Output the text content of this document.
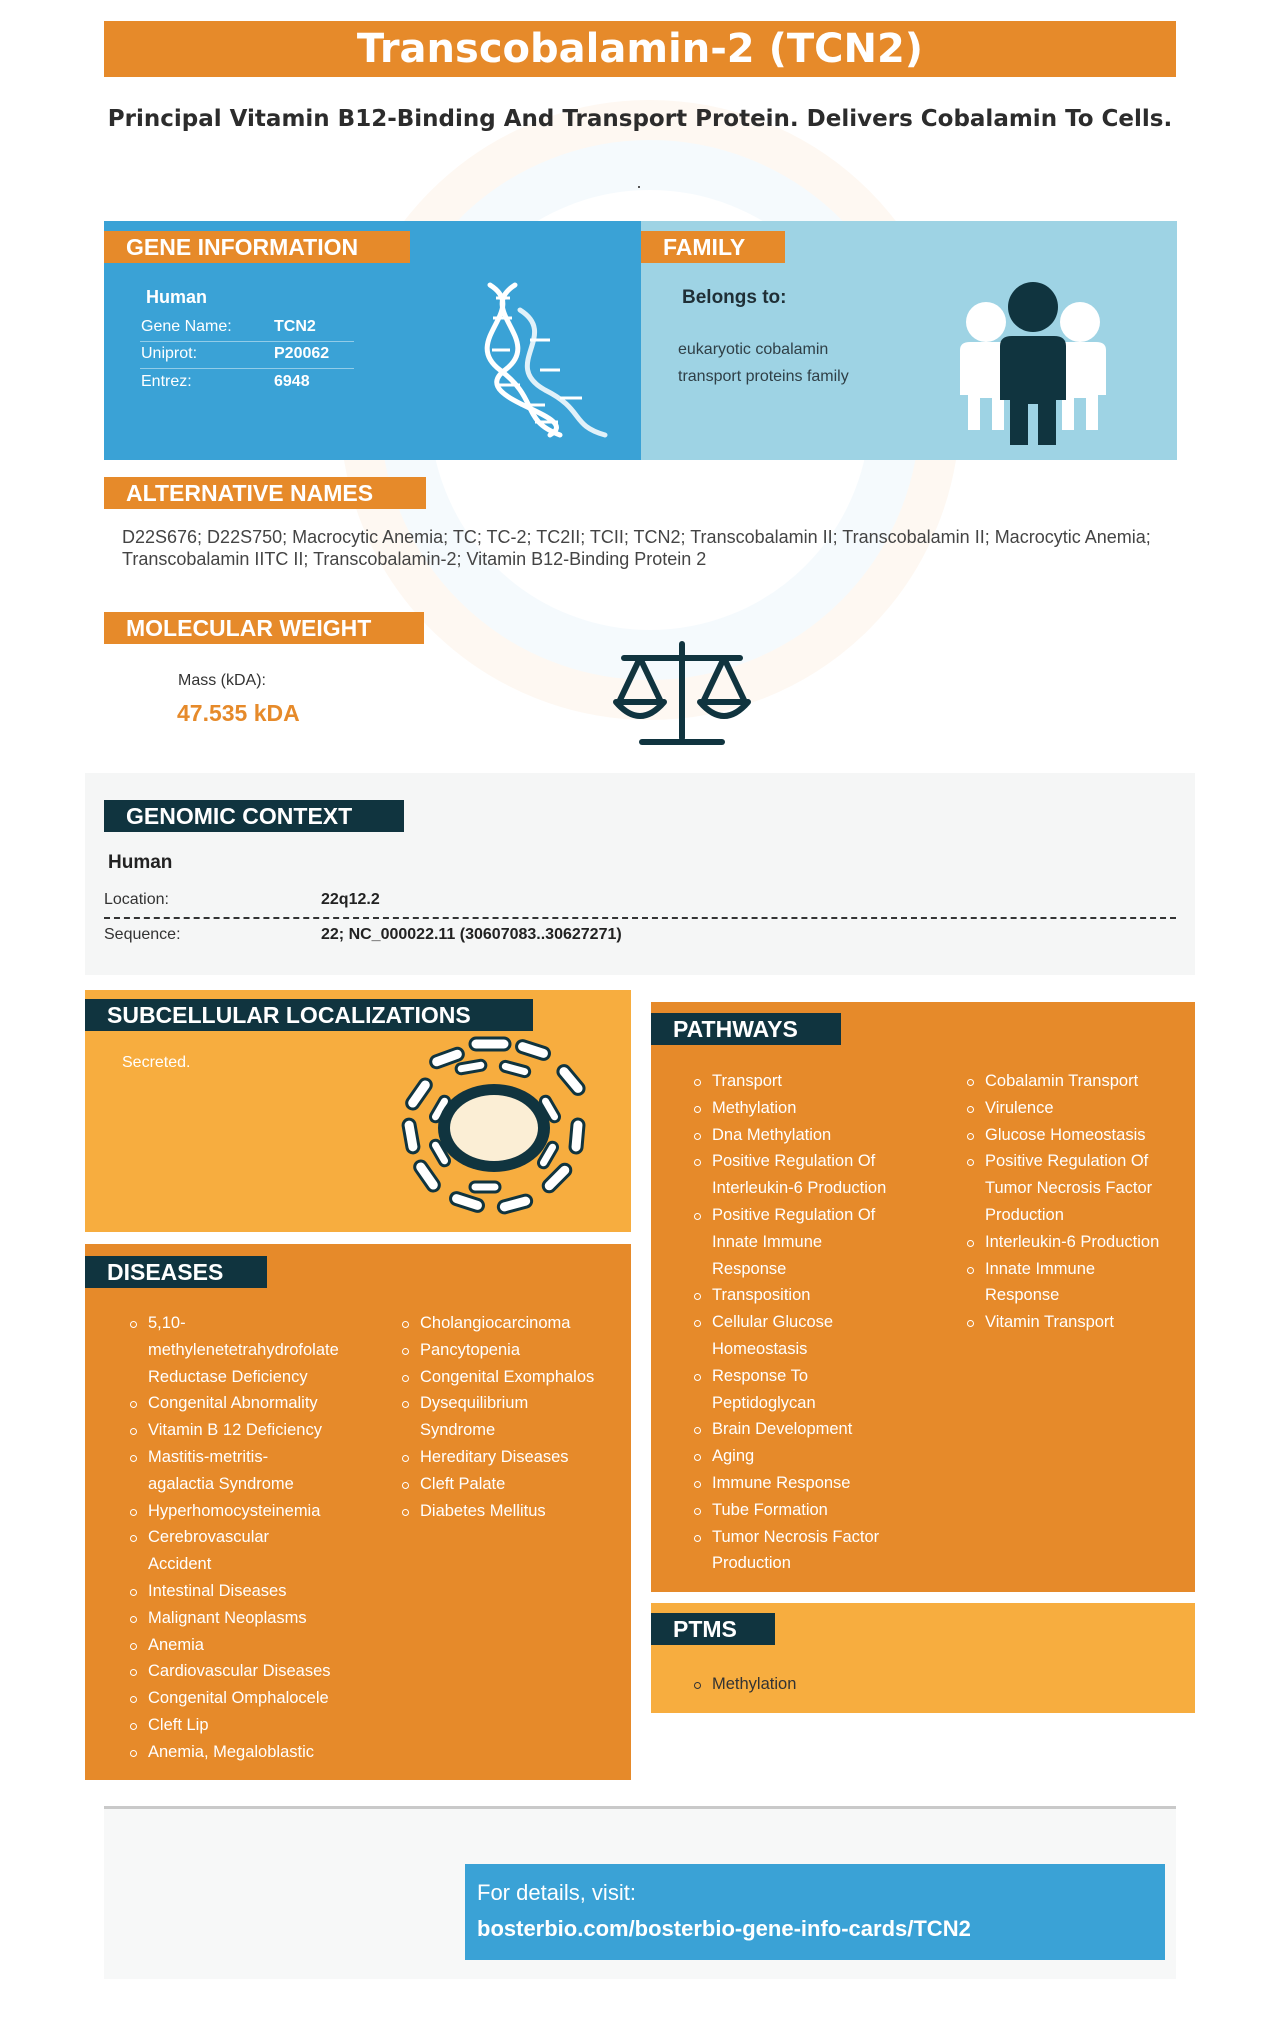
Transcobalamin-2 (TCN2)
Principal Vitamin B12-Binding And Transport Protein. Delivers Cobalamin To Cells.
GENE INFORMATION
Human
Gene Name:	TCN2
Uniprot:	P20062
Entrez:	6948
FAMILY
Belongs to:
eukaryotic cobalamin transport proteins family
ALTERNATIVE NAMES
D22S676; D22S750; Macrocytic Anemia; TC; TC-2; TC2II; TCII; TCN2; Transcobalamin II; Transcobalamin II; Macrocytic Anemia; Transcobalamin IITC II; Transcobalamin-2; Vitamin B12-Binding Protein 2
MOLECULAR WEIGHT
Mass (kDA):
47.535 kDA
GENOMIC CONTEXT
Human
Location:	22q12.2
Sequence:	22; NC_000022.11 (30607083..30627271)
SUBCELLULAR LOCALIZATIONS
Secreted.
DISEASES
5,10-
methylenetetrahydrofolate
Reductase Deficiency
Congenital Abnormality
Vitamin B 12 Deficiency
Mastitis-metritis-
agalactia Syndrome
Hyperhomocysteinemia
Cerebrovascular
Accident
Intestinal Diseases
Malignant Neoplasms
Anemia
Cardiovascular Diseases
Congenital Omphalocele
Cleft Lip
Anemia, Megaloblastic
Cholangiocarcinoma
Pancytopenia
Congenital Exomphalos
Dysequilibrium
Syndrome
Hereditary Diseases
Cleft Palate
Diabetes Mellitus
PATHWAYS
Transport
Methylation
Dna Methylation
Positive Regulation Of
Interleukin-6 Production
Positive Regulation Of
Innate Immune
Response
Transposition
Cellular Glucose
Homeostasis
Response To
Peptidoglycan
Brain Development
Aging
Immune Response
Tube Formation
Tumor Necrosis Factor
Production
Cobalamin Transport
Virulence
Glucose Homeostasis
Positive Regulation Of
Tumor Necrosis Factor
Production
Interleukin-6 Production
Innate Immune
Response
Vitamin Transport
PTMS
Methylation
For details, visit:
bosterbio.com/bosterbio-gene-info-cards/TCN2
